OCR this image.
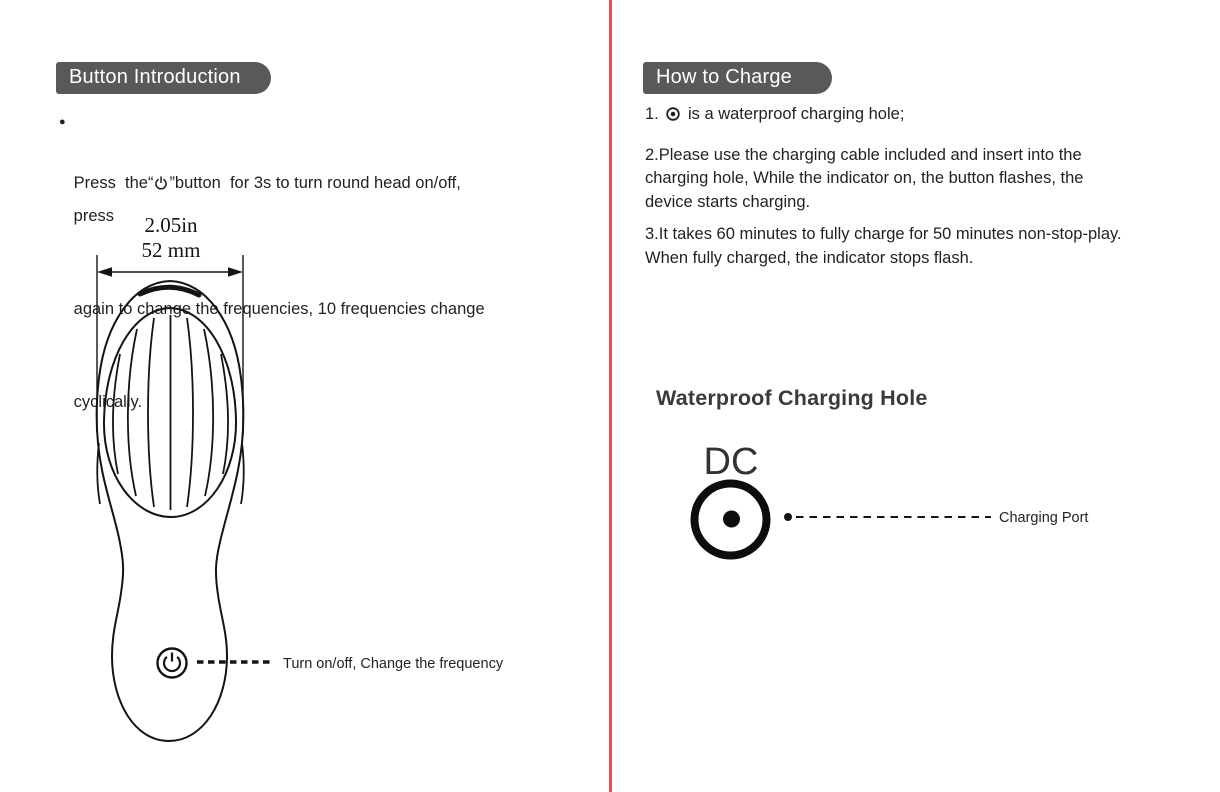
Button Introduction
●

Press  the“ ”button  for 3s to turn round head on/off, press

again to change the frequencies, 10 frequencies change

cyclically.

2.05in
52 mm
Turn on/off, Change the frequency
How to Charge

1.  is a waterproof charging hole;

2.Please use the charging cable included and insert into the
charging hole, While the indicator on, the button flashes, the
device starts charging.

3.It takes 60 minutes to fully charge for 50 minutes non-stop-play.
When fully charged, the indicator stops flash.

Waterproof Charging Hole
DC
Charging Port
